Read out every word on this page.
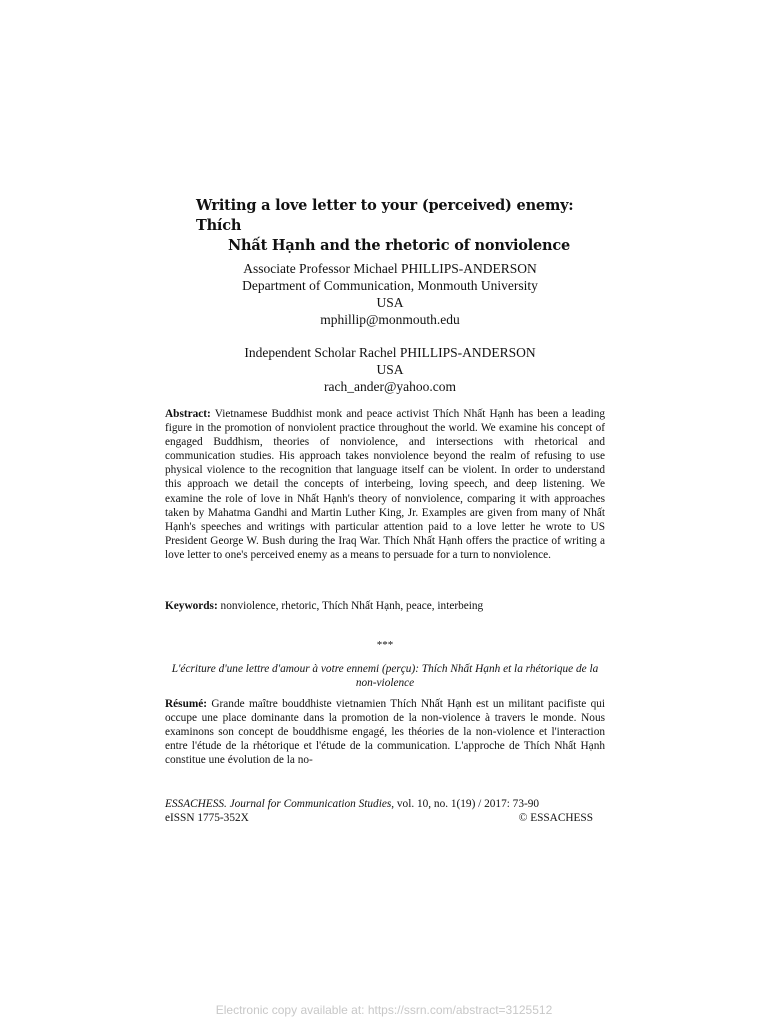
Writing a love letter to your (perceived) enemy: Thích
Nhất Hạnh and the rhetoric of nonviolence
Associate Professor Michael PHILLIPS-ANDERSON
Department of Communication, Monmouth University
USA
mphillip@monmouth.edu
Independent Scholar Rachel PHILLIPS-ANDERSON
USA
rach_ander@yahoo.com
Abstract: Vietnamese Buddhist monk and peace activist Thích Nhất Hạnh has been a leading figure in the promotion of nonviolent practice throughout the world. We examine his concept of engaged Buddhism, theories of nonviolence, and intersections with rhetorical and communication studies. His approach takes nonviolence beyond the realm of refusing to use physical violence to the recognition that language itself can be violent. In order to understand this approach we detail the concepts of interbeing, loving speech, and deep listening. We examine the role of love in Nhất Hạnh's theory of nonviolence, comparing it with approaches taken by Mahatma Gandhi and Martin Luther King, Jr. Examples are given from many of Nhất Hạnh's speeches and writings with particular attention paid to a love letter he wrote to US President George W. Bush during the Iraq War. Thích Nhất Hạnh offers the practice of writing a love letter to one's perceived enemy as a means to persuade for a turn to nonviolence.
Keywords: nonviolence, rhetoric, Thích Nhất Hạnh, peace, interbeing
***
L'écriture d'une lettre d'amour à votre ennemi (perçu): Thích Nhất Hạnh et la rhétorique de la non-violence
Résumé: Grande maître bouddhiste vietnamien Thích Nhất Hạnh est un militant pacifiste qui occupe une place dominante dans la promotion de la non-violence à travers le monde. Nous examinons son concept de bouddhisme engagé, les théories de la non-violence et l'interaction entre l'étude de la rhétorique et l'étude de la communication. L'approche de Thích Nhất Hạnh constitue une évolution de la no-
ESSACHESS. Journal for Communication Studies, vol. 10, no. 1(19) / 2017: 73-90
eISSN 1775-352X	© ESSACHESS
Electronic copy available at: https://ssrn.com/abstract=3125512
